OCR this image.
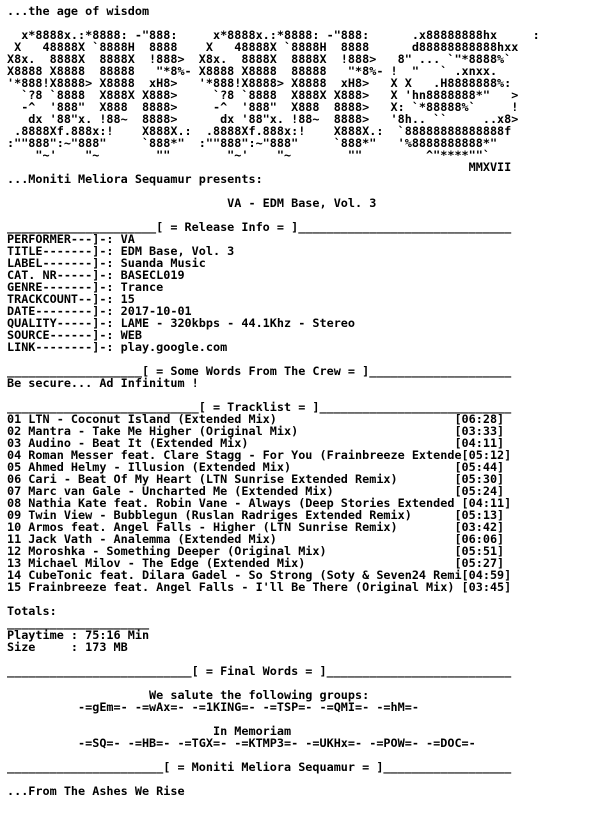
...the age of wisdom

x*8888x.:*8888: -"888:     x*8888x.:*8888: -"888:      .x88888888hx     :
X   48888X `8888H  8888    X   48888X `8888H  8888      d88888888888hxx
X8x.  8888X  8888X  !888>  X8x.  8888X  8888X  !888>   8" ... `"*8888%`
X8888 X8888  88888   "*8%- X8888 X8888  88888   "*8%- !  "   ` .xnxx.
'*888!X8888> X8888  xH8>   '*888!X8888> X8888  xH8>   X X   .H8888888%:
`?8 `8888  X888X X888>     `?8 `8888  X888X X888>   X 'hn8888888*"   >
-^  '888"  X888  8888>     -^  '888"  X888  8888>   X: `*88888%`     !
dx '88"x. !88~  8888>      dx '88"x. !88~  8888>   '8h.. ``     ..x8>
.8888Xf.888x:!    X888X.:  .8888Xf.888x:!    X888X.:  `88888888888888f
:""888":~"888"     `888*"  :""888":~"888"     `888*"   '%8888888888*"
"~'    "~        ""        "~'    "~        ""         ^"****""`
MMXVII
...Moniti Meliora Sequamur presents:

VA - EDM Base, Vol. 3

_____________________[ = Release Info = ]______________________________
PERFORMER---]-: VA
TITLE-------]-: EDM Base, Vol. 3
LABEL-------]-: Suanda Music
CAT. NR-----]-: BASECL019
GENRE-------]-: Trance
TRACKCOUNT--]-: 15
DATE--------]-: 2017-10-01
QUALITY-----]-: LAME - 320kbps - 44.1Khz - Stereo
SOURCE------]-: WEB
LINK--------]-: play.google.com

___________________[ = Some Words From The Crew = ]____________________
Be secure... Ad Infinitum !

___________________________[ = Tracklist = ]___________________________
01 LTN - Coconut Island (Extended Mix)                         [06:28]
02 Mantra - Take Me Higher (Original Mix)                      [03:33]
03 Audino - Beat It (Extended Mix)                             [04:11]
04 Roman Messer feat. Clare Stagg - For You (Frainbreeze Extende[05:12]
05 Ahmed Helmy - Illusion (Extended Mix)                       [05:44]
06 Cari - Beat Of My Heart (LTN Sunrise Extended Remix)        [05:30]
07 Marc van Gale - Uncharted Me (Extended Mix)                 [05:24]
08 Nathia Kate feat. Robin Vane - Always (Deep Stories Extended [04:11]
09 Twin View - Bubblegun (Ruslan Radriges Extended Remix)      [05:13]
10 Armos feat. Angel Falls - Higher (LTN Sunrise Remix)        [03:42]
11 Jack Vath - Analemma (Extended Mix)                         [06:06]
12 Moroshka - Something Deeper (Original Mix)                  [05:51]
13 Michael Milov - The Edge (Extended Mix)                     [05:27]
14 CubeTonic feat. Dilara Gadel - So Strong (Soty & Seven24 Remi[04:59]
15 Frainbreeze feat. Angel Falls - I'll Be There (Original Mix) [03:45]

Totals:
____________________
Playtime : 75:16 Min
Size     : 173 MB

__________________________[ = Final Words = ]__________________________

We salute the following groups:
-=gEm=- -=wAx=- -=1KING=- -=TSP=- -=QMI=- -=hM=-

In Memoriam
-=SQ=- -=HB=- -=TGX=- -=KTMP3=- -=UKHx=- -=POW=- -=DOC=-

______________________[ = Moniti Meliora Sequamur = ]__________________

...From The Ashes We Rise
